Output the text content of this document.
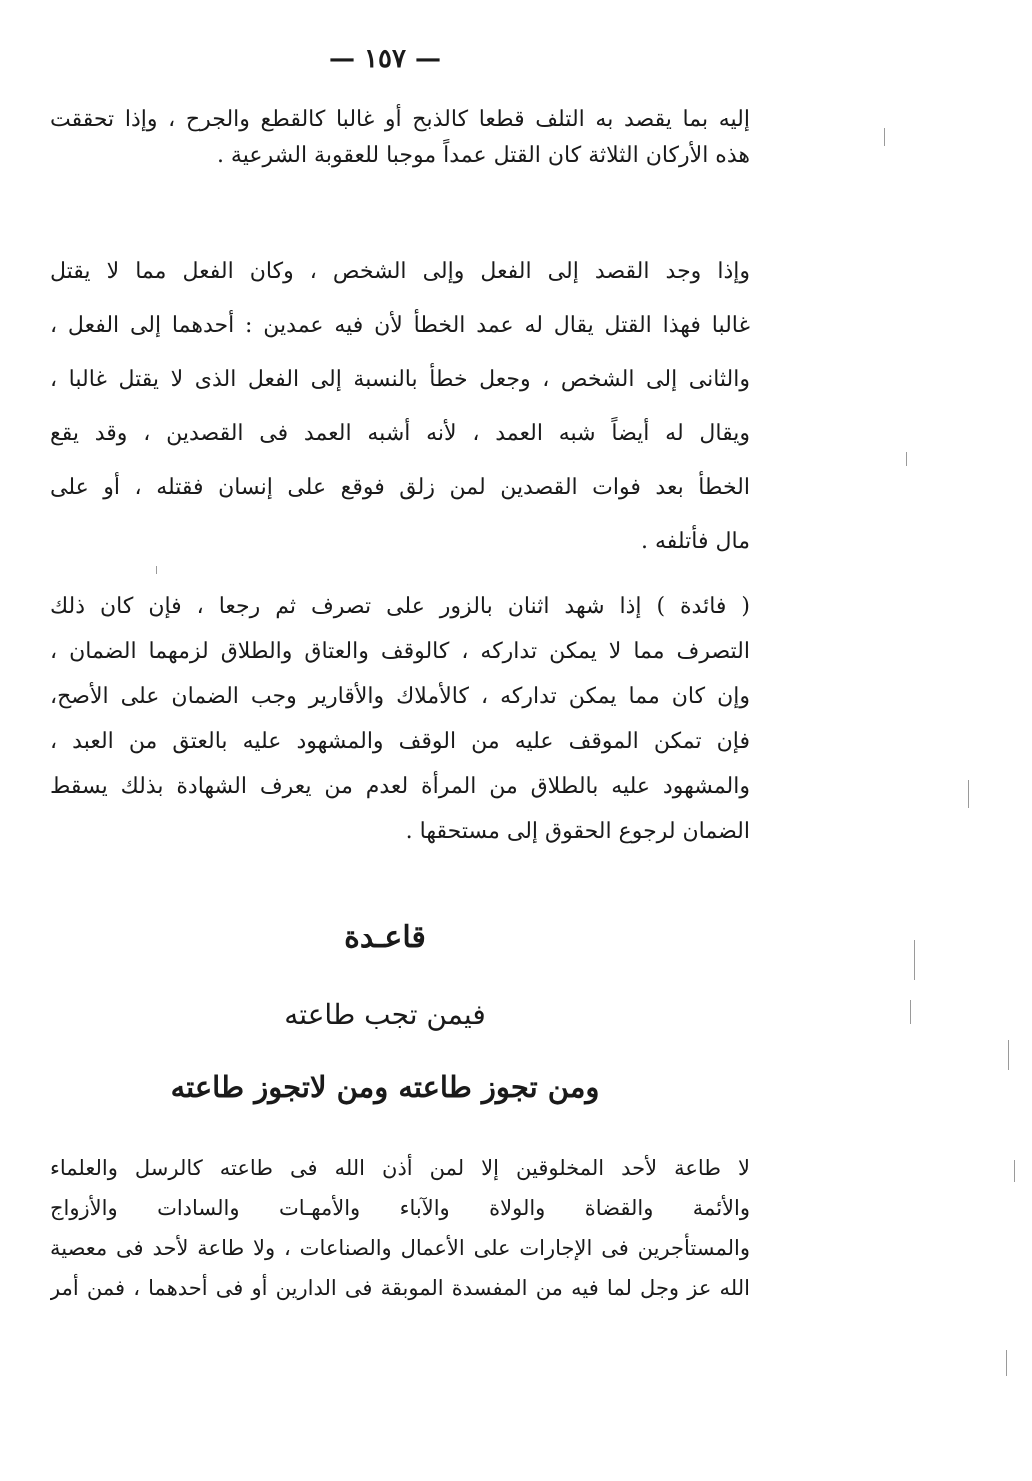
— ١٥٧ —
إليه بما يقصد به التلف قطعا كالذبح أو غالبا كالقطع والجرح ، وإذا تحققت
هذه الأركان الثلاثة كان القتل عمداً موجبا للعقوبة الشرعية .
وإذا وجد القصد إلى الفعل وإلى الشخص ، وكان الفعل مما لا يقتل
غالبا فهذا القتل يقال له عمد الخطأ لأن فيه عمدين : أحدهما إلى الفعل ،
والثانى إلى الشخص ، وجعل خطأ بالنسبة إلى الفعل الذى لا يقتل غالبا ،
ويقال له أيضاً شبه العمد ، لأنه أشبه العمد فى القصدين ، وقد يقع
الخطأ بعد فوات القصدين لمن زلق فوقع على إنسان فقتله ، أو على
مال فأتلفه .
( فائدة ) إذا شهد اثنان بالزور على تصرف ثم رجعا ، فإن كان ذلك
التصرف مما لا يمكن تداركه ، كالوقف والعتاق والطلاق لزمهما الضمان ،
وإن كان مما يمكن تداركه ، كالأملاك والأقارير وجب الضمان على الأصح،
فإن تمكن الموقف عليه من الوقف والمشهود عليه بالعتق من العبد ،
والمشهود عليه بالطلاق من المرأة لعدم من يعرف الشهادة بذلك يسقط
الضمان لرجوع الحقوق إلى مستحقها .
قاعـدة
فيمن تجب طاعته
ومن تجوز طاعته ومن لاتجوز طاعته
لا طاعة لأحد المخلوقين إلا لمن أذن الله فى طاعته كالرسل والعلماء
والأئمة والقضاة والولاة والآباء والأمهـات والسادات والأزواج
والمستأجرين فى الإجارات على الأعمال والصناعات ، ولا طاعة لأحد فى معصية
الله عز وجل لما فيه من المفسدة الموبقة فى الدارين أو فى أحدهما ، فمن أمر
